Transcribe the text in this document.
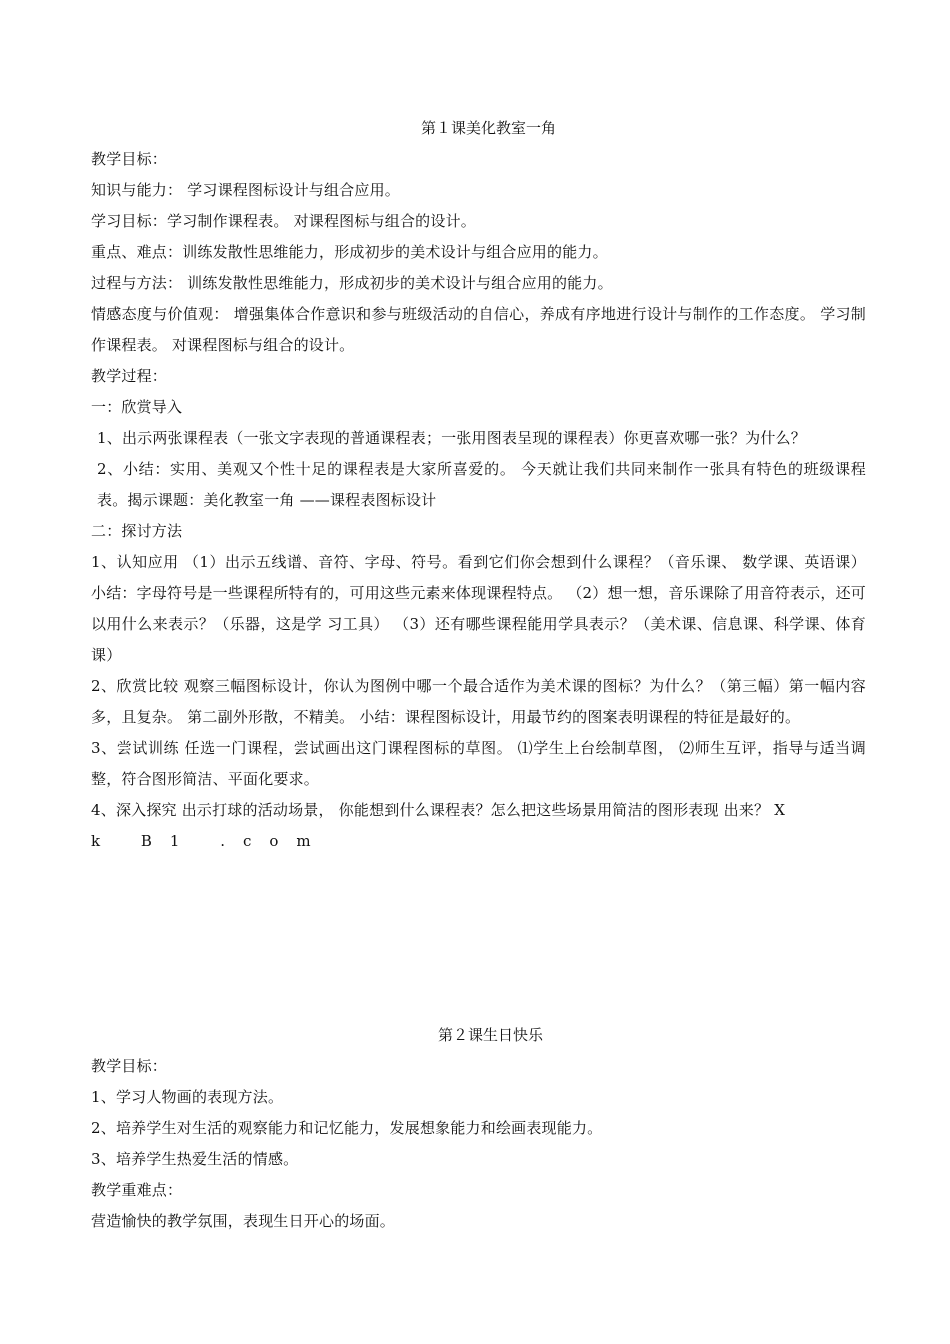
第１课美化教室一角

教学目标：

知识与能力： 学习课程图标设计与组合应用。

学习目标：学习制作课程表。 对课程图标与组合的设计。

重点、难点：训练发散性思维能力，形成初步的美术设计与组合应用的能力。

过程与方法： 训练发散性思维能力，形成初步的美术设计与组合应用的能力。

情感态度与价值观： 增强集体合作意识和参与班级活动的自信心，养成有序地进行设计与制作的工作态度。 学习制作课程表。 对课程图标与组合的设计。

教学过程：

一：欣赏导入

1、出示两张课程表（一张文字表现的普通课程表；一张用图表呈现的课程表）你更喜欢哪一张？为什么？

2、小结：实用、美观又个性十足的课程表是大家所喜爱的。 今天就让我们共同来制作一张具有特色的班级课程表。揭示课题：美化教室一角 ——课程表图标设计

二：探讨方法

1、认知应用 （1）出示五线谱、音符、字母、符号。看到它们你会想到什么课程？（音乐课、 数学课、英语课） 小结：字母符号是一些课程所特有的，可用这些元素来体现课程特点。 （2）想一想，音乐课除了用音符表示，还可以用什么来表示？（乐器，这是学 习工具） （3）还有哪些课程能用学具表示？（美术课、信息课、科学课、体育课）

2、欣赏比较 观察三幅图标设计，你认为图例中哪一个最合适作为美术课的图标？为什么？（第三幅）第一幅内容多，且复杂。 第二副外形散，不精美。 小结：课程图标设计，用最节约的图案表明课程的特征是最好的。

3、尝试训练 任选一门课程，尝试画出这门课程图标的草图。 ⑴学生上台绘制草图， ⑵师生互评，指导与适当调整，符合图形简洁、平面化要求。

4、深入探究 出示打球的活动场景， 你能想到什么课程表？怎么把这些场景用简洁的图形表现 出来？ X

k B1 .com

第２课生日快乐

教学目标：

1、学习人物画的表现方法。

2、培养学生对生活的观察能力和记忆能力，发展想象能力和绘画表现能力。

3、培养学生热爱生活的情感。

教学重难点：

营造愉快的教学氛围，表现生日开心的场面。
